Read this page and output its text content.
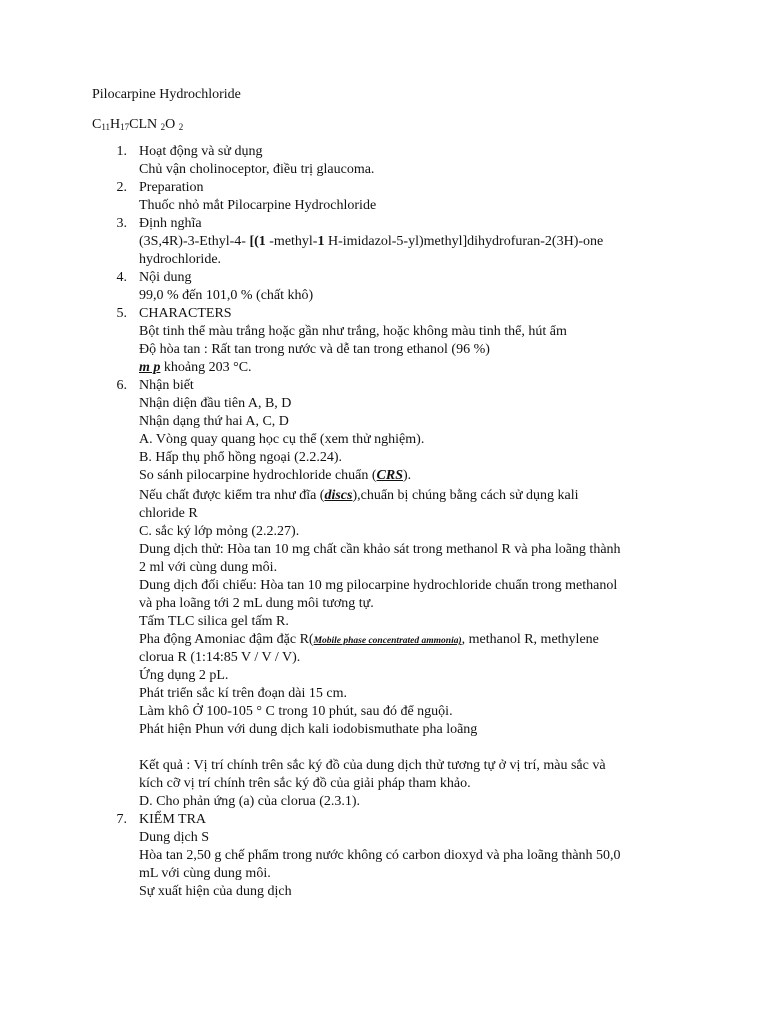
Pilocarpine Hydrochloride
$C_{11}H_{17}CLN$ $_2$O $_2$
1. Hoạt động và sử dụng
Chủ vận cholinoceptor, điều trị glaucoma.
2. Preparation
Thuốc nhỏ mắt Pilocarpine Hydrochloride
3. Định nghĩa
(3S,4R)-3-Ethyl-4- [(1 -methyl-1 H-imidazol-5-yl)methyl]dihydrofuran-2(3H)-one
hydrochloride.
4. Nội dung
99,0 % đến 101,0 % (chất khô)
5. CHARACTERS
Bột tinh thể màu trắng hoặc gần như trắng, hoặc không màu tinh thể, hút ẩm
Độ hòa tan : Rất tan trong nước và dễ tan trong ethanol (96 %)
m p khoảng 203 °C.
6. Nhận biết
Nhận diện đầu tiên A, B, D
Nhận dạng thứ hai A, C, D
A. Vòng quay quang học cụ thể (xem thử nghiệm).
B. Hấp thụ phổ hồng ngoại (2.2.24).
So sánh pilocarpine hydrochloride chuẩn (CRS).
Nếu chất được kiểm tra như đĩa (discs),chuẩn bị chúng bằng cách sử dụng kali
chloride R
C. sắc ký lớp mỏng (2.2.27).
Dung dịch thử: Hòa tan 10 mg chất cần khảo sát trong methanol R và pha loãng thành
2 ml với cùng dung môi.
Dung dịch đối chiếu: Hòa tan 10 mg pilocarpine hydrochloride chuẩn trong methanol
và pha loãng tới 2 mL dung môi tương tự.
Tấm TLC silica gel tấm R.
Pha động Amoniac đậm đặc R(Mobile phase concentrated ammonia), methanol R, methylene
clorua R (1:14:85 V / V / V).
Ứng dụng 2 pL.
Phát triển sắc kí trên đoạn dài 15 cm.
Làm khô Ở 100-105 ° C trong 10 phút, sau đó để nguội.
Phát hiện Phun với dung dịch kali iodobismuthate pha loãng
Kết quả : Vị trí chính trên sắc ký đồ của dung dịch thử tương tự ở vị trí, màu sắc và
kích cỡ vị trí chính trên sắc ký đồ của giải pháp tham khảo.
D. Cho phản ứng (a) của clorua (2.3.1).
7. KIỂM TRA
Dung dịch S
Hòa tan 2,50 g chế phẩm trong nước không có carbon dioxyd và pha loãng thành 50,0
mL với cùng dung môi.
Sự xuất hiện của dung dịch
